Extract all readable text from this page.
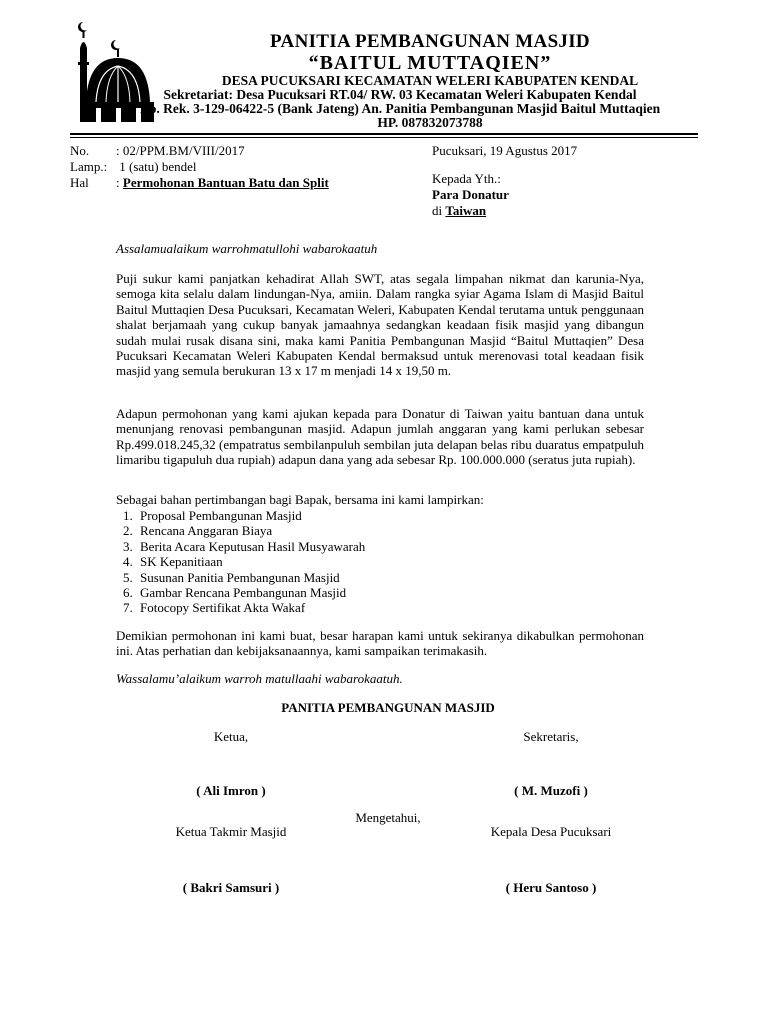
PANITIA PEMBANGUNAN MASJID
“BAITUL MUTTAQIEN”
DESA PUCUKSARI KECAMATAN WELERI KABUPATEN KENDAL
Sekretariat: Desa Pucuksari RT.04/ RW. 03 Kecamatan Weleri Kabupaten Kendal
No. Rek. 3-129-06422-5 (Bank Jateng) An. Panitia Pembangunan Masjid Baitul Muttaqien
HP. 087832073788
No. : 02/PPM.BM/VIII/2017
Lamp.: 1 (satu) bendel
Hal : Permohonan Bantuan Batu dan Split
Pucuksari, 19 Agustus 2017
Kepada Yth.:
Para Donatur
di Taiwan
Assalamualaikum warrohmatullohi wabarokaatuh
Puji sukur kami panjatkan kehadirat Allah SWT, atas segala limpahan nikmat dan karunia-Nya, semoga kita selalu dalam lindungan-Nya, amiin. Dalam rangka syiar Agama Islam di Masjid Baitul Baitul Muttaqien Desa Pucuksari, Kecamatan Weleri, Kabupaten Kendal terutama untuk penggunaan shalat berjamaah yang cukup banyak jamaahnya sedangkan keadaan fisik masjid yang dibangun sudah mulai rusak disana sini, maka kami Panitia Pembangunan Masjid “Baitul Muttaqien” Desa Pucuksari Kecamatan Weleri Kabupaten Kendal bermaksud untuk merenovasi total keadaan fisik masjid yang semula berukuran 13 x 17 m menjadi 14 x 19,50 m.
Adapun permohonan yang kami ajukan kepada para Donatur di Taiwan yaitu bantuan dana untuk menunjang renovasi pembangunan masjid. Adapun jumlah anggaran yang kami perlukan sebesar Rp.499.018.245,32 (empatratus sembilanpuluh sembilan juta delapan belas ribu duaratus empatpuluh limaribu tigapuluh dua rupiah) adapun dana yang ada sebesar Rp. 100.000.000 (seratus juta rupiah).
Sebagai bahan pertimbangan bagi Bapak, bersama ini kami lampirkan:
1. Proposal Pembangunan Masjid
2. Rencana Anggaran Biaya
3. Berita Acara Keputusan Hasil Musyawarah
4. SK Kepanitiaan
5. Susunan Panitia Pembangunan Masjid
6. Gambar Rencana Pembangunan Masjid
7. Fotocopy Sertifikat Akta Wakaf
Demikian permohonan ini kami buat, besar harapan kami untuk sekiranya dikabulkan permohonan ini. Atas perhatian dan kebijaksanaannya, kami sampaikan terimakasih.
Wassalamu’alaikum warroh matullaahi wabarokaatuh.
PANITIA PEMBANGUNAN MASJID
Ketua,	Sekretaris,
( Ali Imron )	( M. Muzofi )
Mengetahui,
Ketua Takmir Masjid	Kepala Desa Pucuksari
( Bakri Samsuri )	( Heru Santoso )
